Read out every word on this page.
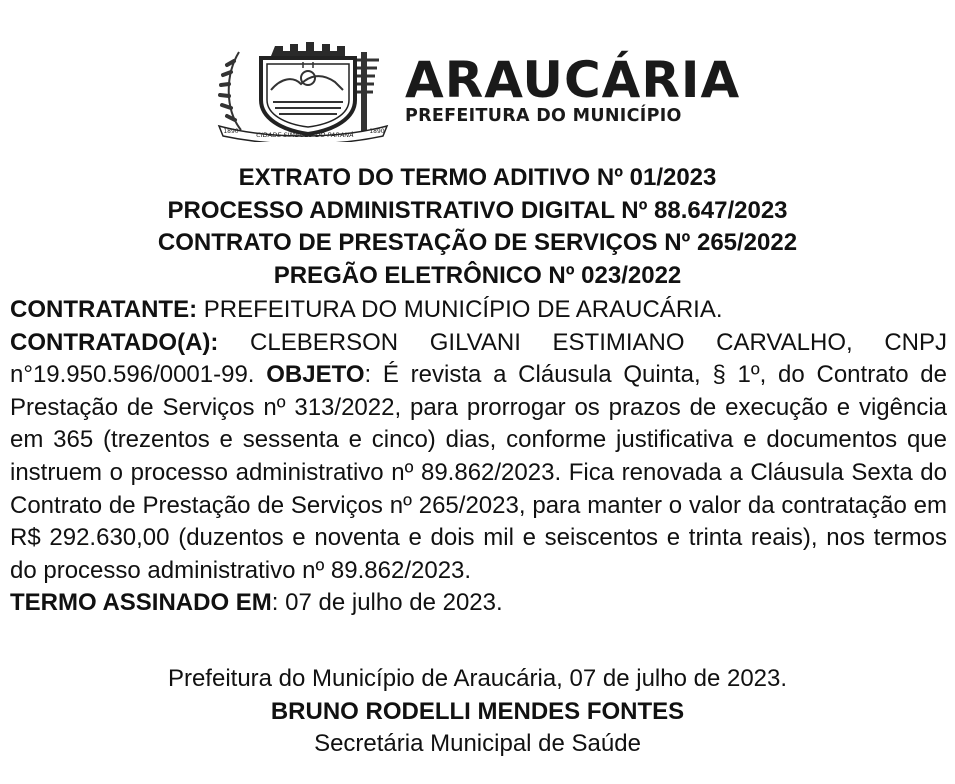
CIDADE SÍMBOLO DO PARANÁ
1890	1890
ARAUCÁRIA
PREFEITURA DO MUNICÍPIO
EXTRATO DO TERMO ADITIVO Nº 01/2023
PROCESSO ADMINISTRATIVO DIGITAL Nº 88.647/2023
CONTRATO DE PRESTAÇÃO DE SERVIÇOS Nº 265/2022
PREGÃO ELETRÔNICO Nº 023/2022
CONTRATANTE: PREFEITURA DO MUNICÍPIO DE ARAUCÁRIA.
CONTRATADO(A): CLEBERSON GILVANI ESTIMIANO CARVALHO, CNPJ n°19.950.596/0001-99. OBJETO: É revista a Cláusula Quinta, § 1º, do Contrato de Prestação de Serviços nº 313/2022, para prorrogar os prazos de execução e vigência em 365 (trezentos e sessenta e cinco) dias, conforme justificativa e documentos que instruem o processo administrativo nº 89.862/2023. Fica renovada a Cláusula Sexta do Contrato de Prestação de Serviços nº 265/2023, para manter o valor da contratação em R$ 292.630,00 (duzentos e noventa e dois mil e seiscentos e trinta reais), nos termos do processo administrativo nº 89.862/2023.
TERMO ASSINADO EM: 07 de julho de 2023.
Prefeitura do Município de Araucária, 07 de julho de 2023.
BRUNO RODELLI MENDES FONTES
Secretária Municipal de Saúde
